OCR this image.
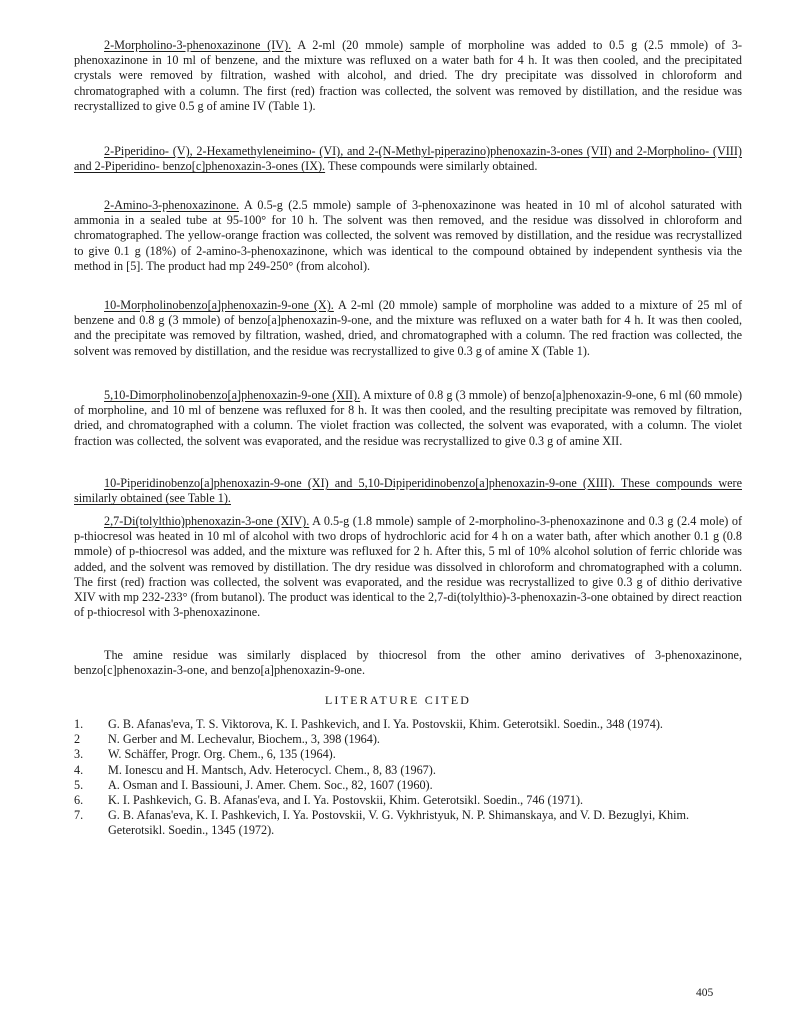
2-Morpholino-3-phenoxazinone (IV). A 2-ml (20 mmole) sample of morpholine was added to 0.5 g (2.5 mmole) of 3-phenoxazinone in 10 ml of benzene, and the mixture was refluxed on a water bath for 4 h. It was then cooled, and the precipitated crystals were removed by filtration, washed with alcohol, and dried. The dry precipitate was dissolved in chloroform and chromatographed with a column. The first (red) fraction was collected, the solvent was removed by distillation, and the residue was recrystallized to give 0.5 g of amine IV (Table 1).

2-Piperidino- (V), 2-Hexamethyleneimino- (VI), and 2-(N-Methyl-piperazino)phenoxazin-3-ones (VII) and 2-Morpholino- (VIII) and 2-Piperidino- benzo[c]phenoxazin-3-ones (IX). These compounds were similarly obtained.

2-Amino-3-phenoxazinone. A 0.5-g (2.5 mmole) sample of 3-phenoxazinone was heated in 10 ml of alcohol saturated with ammonia in a sealed tube at 95-100° for 10 h. The solvent was then removed, and the residue was dissolved in chloroform and chromatographed. The yellow-orange fraction was collected, the solvent was removed by distillation, and the residue was recrystallized to give 0.1 g (18%) of 2-amino-3-phenoxazinone, which was identical to the compound obtained by independent synthesis via the method in [5]. The product had mp 249-250° (from alcohol).

10-Morpholinobenzo[a]phenoxazin-9-one (X). A 2-ml (20 mmole) sample of morpholine was added to a mixture of 25 ml of benzene and 0.8 g (3 mmole) of benzo[a]phenoxazin-9-one, and the mixture was refluxed on a water bath for 4 h. It was then cooled, and the precipitate was removed by filtration, washed, dried, and chromatographed with a column. The red fraction was collected, the solvent was removed by distillation, and the residue was recrystallized to give 0.3 g of amine X (Table 1).

5,10-Dimorpholinobenzo[a]phenoxazin-9-one (XII). A mixture of 0.8 g (3 mmole) of benzo[a]phenoxazin-9-one, 6 ml (60 mmole) of morpholine, and 10 ml of benzene was refluxed for 8 h. It was then cooled, and the resulting precipitate was removed by filtration, dried, and chromatographed with a column. The violet fraction was collected, the solvent was evaporated, with a column. The violet fraction was collected, the solvent was evaporated, and the residue was recrystallized to give 0.3 g of amine XII.

10-Piperidinobenzo[a]phenoxazin-9-one (XI) and 5,10-Dipiperidinobenzo[a]phenoxazin-9-one (XIII). These compounds were similarly obtained (see Table 1).

2,7-Di(tolylthio)phenoxazin-3-one (XIV). A 0.5-g (1.8 mmole) sample of 2-morpholino-3-phenoxazinone and 0.3 g (2.4 mole) of p-thiocresol was heated in 10 ml of alcohol with two drops of hydrochloric acid for 4 h on a water bath, after which another 0.1 g (0.8 mmole) of p-thiocresol was added, and the mixture was refluxed for 2 h. After this, 5 ml of 10% alcohol solution of ferric chloride was added, and the solvent was removed by distillation. The dry residue was dissolved in chloroform and chromatographed with a column. The first (red) fraction was collected, the solvent was evaporated, and the residue was recrystallized to give 0.3 g of dithio derivative XIV with mp 232-233° (from butanol). The product was identical to the 2,7-di(tolylthio)-3-phenoxazin-3-one obtained by direct reaction of p-thiocresol with 3-phenoxazinone.

The amine residue was similarly displaced by thiocresol from the other amino derivatives of 3-phenoxazinone, benzo[c]phenoxazin-3-one, and benzo[a]phenoxazin-9-one.

LITERATURE CITED
1.	G. B. Afanas'eva, T. S. Viktorova, K. I. Pashkevich, and I. Ya. Postovskii, Khim. Geterotsikl. Soedin., 348 (1974).
2	N. Gerber and M. Lechevalur, Biochem., 3, 398 (1964).
3.	W. Schäffer, Progr. Org. Chem., 6, 135 (1964).
4.	M. Ionescu and H. Mantsch, Adv. Heterocycl. Chem., 8, 83 (1967).
5.	A. Osman and I. Bassiouni, J. Amer. Chem. Soc., 82, 1607 (1960).
6.	K. I. Pashkevich, G. B. Afanas'eva, and I. Ya. Postovskii, Khim. Geterotsikl. Soedin., 746 (1971).
7.	G. B. Afanas'eva, K. I. Pashkevich, I. Ya. Postovskii, V. G. Vykhristyuk, N. P. Shimanskaya, and V. D. Bezuglyi, Khim. Geterotsikl. Soedin., 1345 (1972).
405
